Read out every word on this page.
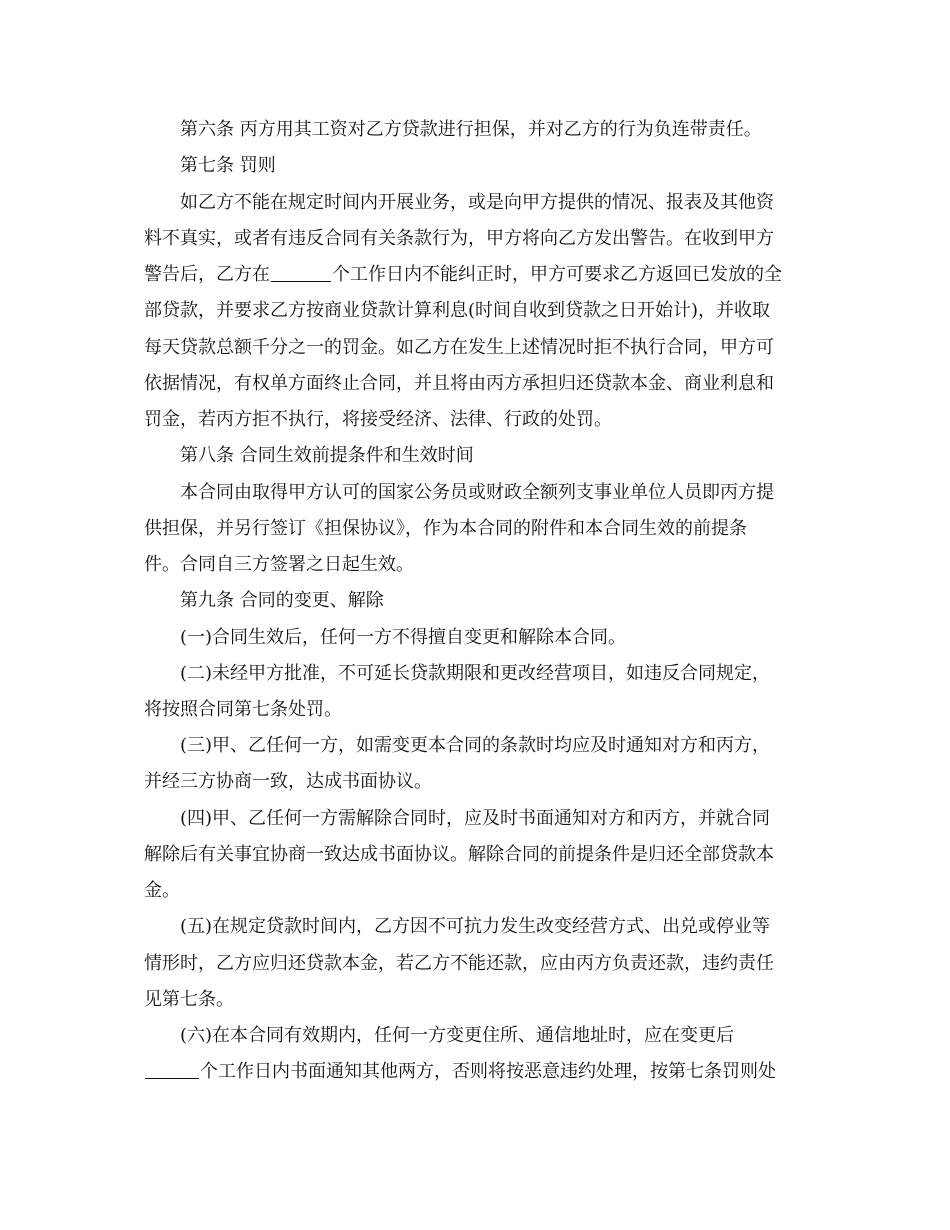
第六条 丙方用其工资对乙方贷款进行担保，并对乙方的行为负连带责任。
第七条 罚则
如乙方不能在规定时间内开展业务，或是向甲方提供的情况、报表及其他资
料不真实，或者有违反合同有关条款行为，甲方将向乙方发出警告。在收到甲方
警告后，乙方在	个工作日内不能纠正时，甲方可要求乙方返回已发放的全
部贷款，并要求乙方按商业贷款计算利息(时间自收到贷款之日开始计)，并收取
每天贷款总额千分之一的罚金。如乙方在发生上述情况时拒不执行合同，甲方可
依据情况，有权单方面终止合同，并且将由丙方承担归还贷款本金、商业利息和
罚金，若丙方拒不执行，将接受经济、法律、行政的处罚。
第八条 合同生效前提条件和生效时间
本合同由取得甲方认可的国家公务员或财政全额列支事业单位人员即丙方提
供担保，并另行签订《担保协议》，作为本合同的附件和本合同生效的前提条
件。合同自三方签署之日起生效。
第九条 合同的变更、解除
(一)合同生效后，任何一方不得擅自变更和解除本合同。
(二)未经甲方批准，不可延长贷款期限和更改经营项目，如违反合同规定，
将按照合同第七条处罚。
(三)甲、乙任何一方，如需变更本合同的条款时均应及时通知对方和丙方，
并经三方协商一致，达成书面协议。
(四)甲、乙任何一方需解除合同时，应及时书面通知对方和丙方，并就合同
解除后有关事宜协商一致达成书面协议。解除合同的前提条件是归还全部贷款本
金。
(五)在规定贷款时间内，乙方因不可抗力发生改变经营方式、出兑或停业等
情形时，乙方应归还贷款本金，若乙方不能还款，应由丙方负责还款，违约责任
见第七条。
(六)在本合同有效期内，任何一方变更住所、通信地址时，应在变更后
个工作日内书面通知其他两方，否则将按恶意违约处理，按第七条罚则处
